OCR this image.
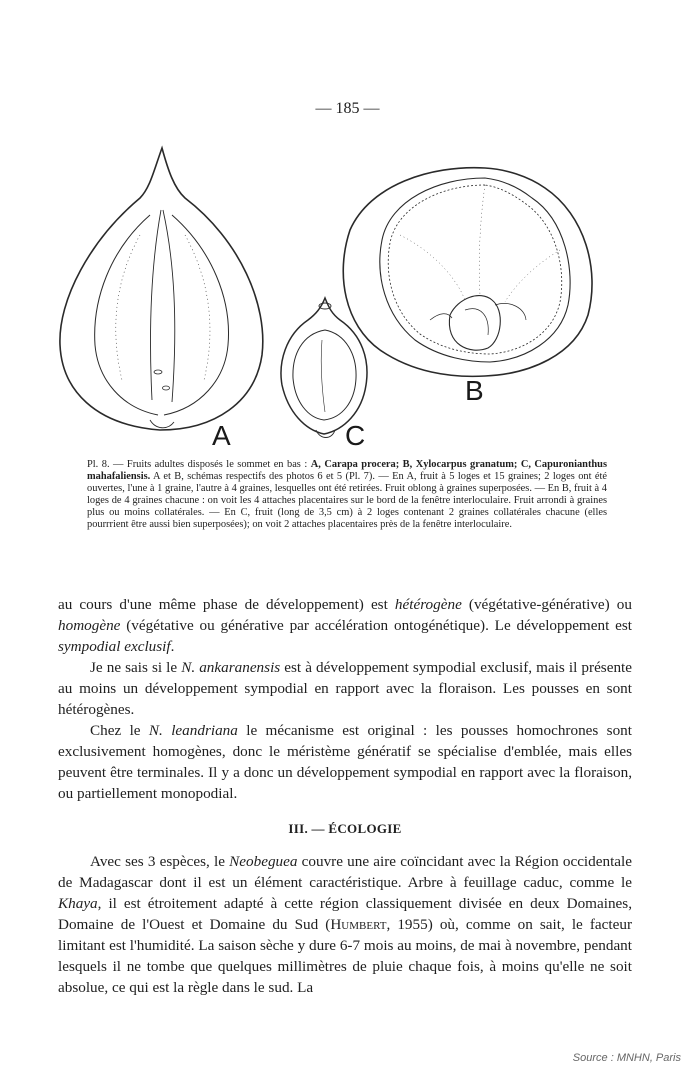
— 185 —
A	C
B
Pl. 8. — Fruits adultes disposés le sommet en bas : A, Carapa procera; B, Xylocarpus granatum; C, Capuronianthus mahafaliensis. A et B, schémas respectifs des photos 6 et 5 (Pl. 7). — En A, fruit à 5 loges et 15 graines; 2 loges ont été ouvertes, l'une à 1 graine, l'autre à 4 graines, lesquelles ont été retirées. Fruit oblong à graines superposées. — En B, fruit à 4 loges de 4 graines chacune : on voit les 4 attaches placentaires sur le bord de la fenêtre interloculaire. Fruit arrondi à graines plus ou moins collatérales. — En C, fruit (long de 3,5 cm) à 2 loges contenant 2 graines collatérales chacune (elles pourrrient être aussi bien superposées); on voit 2 attaches placentaires près de la fenêtre interloculaire.

au cours d'une même phase de développement) est hétérogène (végétative-générative) ou homogène (végétative ou générative par accélération ontogénétique). Le développement est sympodial exclusif.

Je ne sais si le N. ankaranensis est à développement sympodial exclusif, mais il présente au moins un développement sympodial en rapport avec la floraison. Les pousses en sont hétérogènes.

Chez le N. leandriana le mécanisme est original : les pousses homochrones sont exclusivement homogènes, donc le méristème génératif se spécialise d'emblée, mais elles peuvent être terminales. Il y a donc un développement sympodial en rapport avec la floraison, ou partiellement monopodial.

III. — ÉCOLOGIE

Avec ses 3 espèces, le Neobeguea couvre une aire coïncidant avec la Région occidentale de Madagascar dont il est un élément caractéristique. Arbre à feuillage caduc, comme le Khaya, il est étroitement adapté à cette région classiquement divisée en deux Domaines, Domaine de l'Ouest et Domaine du Sud (Humbert, 1955) où, comme on sait, le facteur limitant est l'humidité. La saison sèche y dure 6-7 mois au moins, de mai à novembre, pendant lesquels il ne tombe que quelques millimètres de pluie chaque fois, à moins qu'elle ne soit absolue, ce qui est la règle dans le sud. La

Source : MNHN, Paris
